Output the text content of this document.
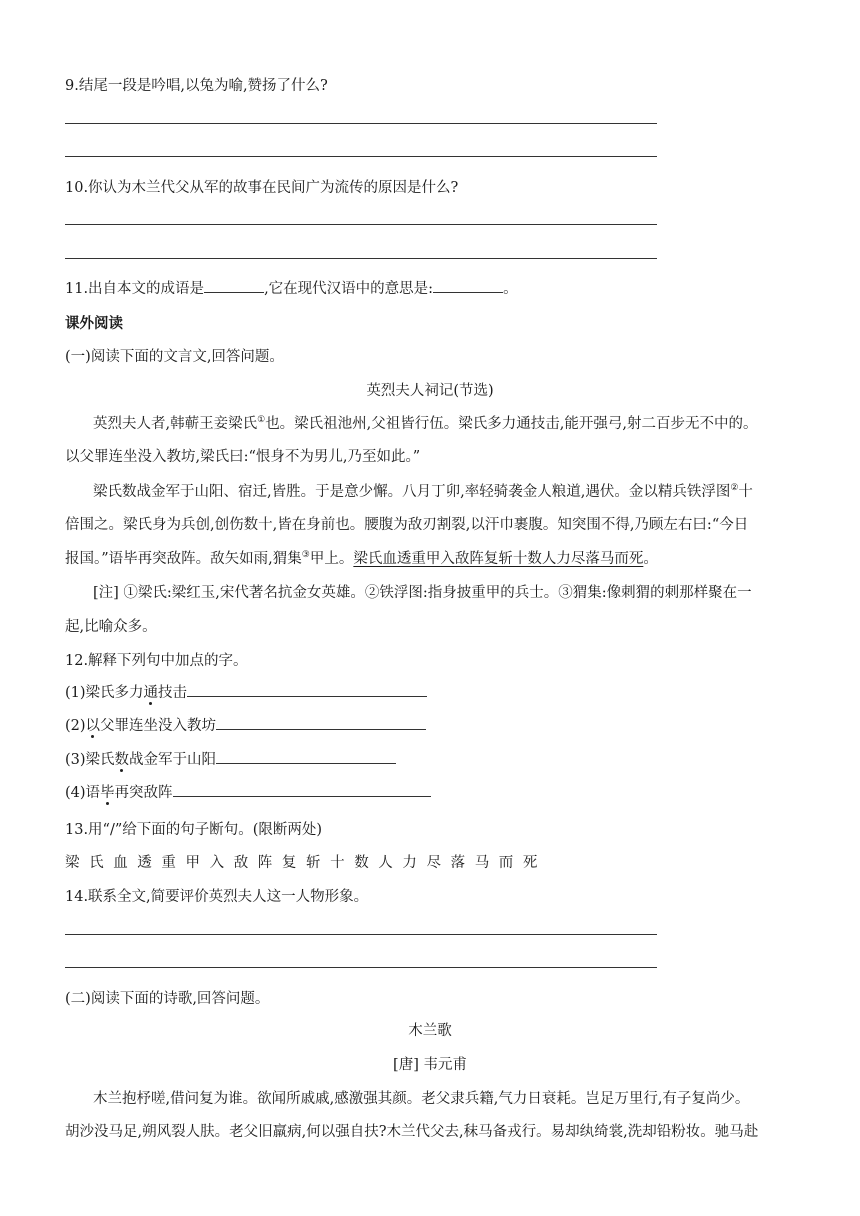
9.结尾一段是吟唱,以兔为喻,赞扬了什么?
10.你认为木兰代父从军的故事在民间广为流传的原因是什么?
11.出自本文的成语是	,它在现代汉语中的意思是:	。
课外阅读
(一)阅读下面的文言文,回答问题。
英烈夫人祠记(节选)
英烈夫人者,韩蕲王妾梁氏①也。梁氏祖池州,父祖皆行伍。梁氏多力通技击,能开强弓,射二百步无不中的。
以父罪连坐没入教坊,梁氏曰:“恨身不为男儿,乃至如此。”
梁氏数战金军于山阳、宿迁,皆胜。于是意少懈。八月丁卯,率轻骑袭金人粮道,遇伏。金以精兵铁浮图②十
倍围之。梁氏身为兵创,创伤数十,皆在身前也。腰腹为敌刃割裂,以汗巾裹腹。知突围不得,乃顾左右曰:“今日
报国。”语毕再突敌阵。敌矢如雨,猬集③甲上。梁氏血透重甲入敌阵复斩十数人力尽落马而死。
[注] ①梁氏:梁红玉,宋代著名抗金女英雄。②铁浮图:指身披重甲的兵士。③猬集:像刺猬的刺那样聚在一
起,比喻众多。
12.解释下列句中加点的字。
(1)梁氏多力通技击
(2)以父罪连坐没入教坊
(3)梁氏数战金军于山阳
(4)语毕再突敌阵
13.用“/”给下面的句子断句。(限断两处)
梁氏血透重甲入敌阵复斩十数人力尽落马而死
14.联系全文,简要评价英烈夫人这一人物形象。
(二)阅读下面的诗歌,回答问题。
木兰歌
[唐] 韦元甫
木兰抱杼嗟,借问复为谁。欲闻所戚戚,感激强其颜。老父隶兵籍,气力日衰耗。岂足万里行,有子复尚少。
胡沙没马足,朔风裂人肤。老父旧羸病,何以强自扶?木兰代父去,秣马备戎行。易却纨绮裳,洗却铅粉妆。驰马赴
